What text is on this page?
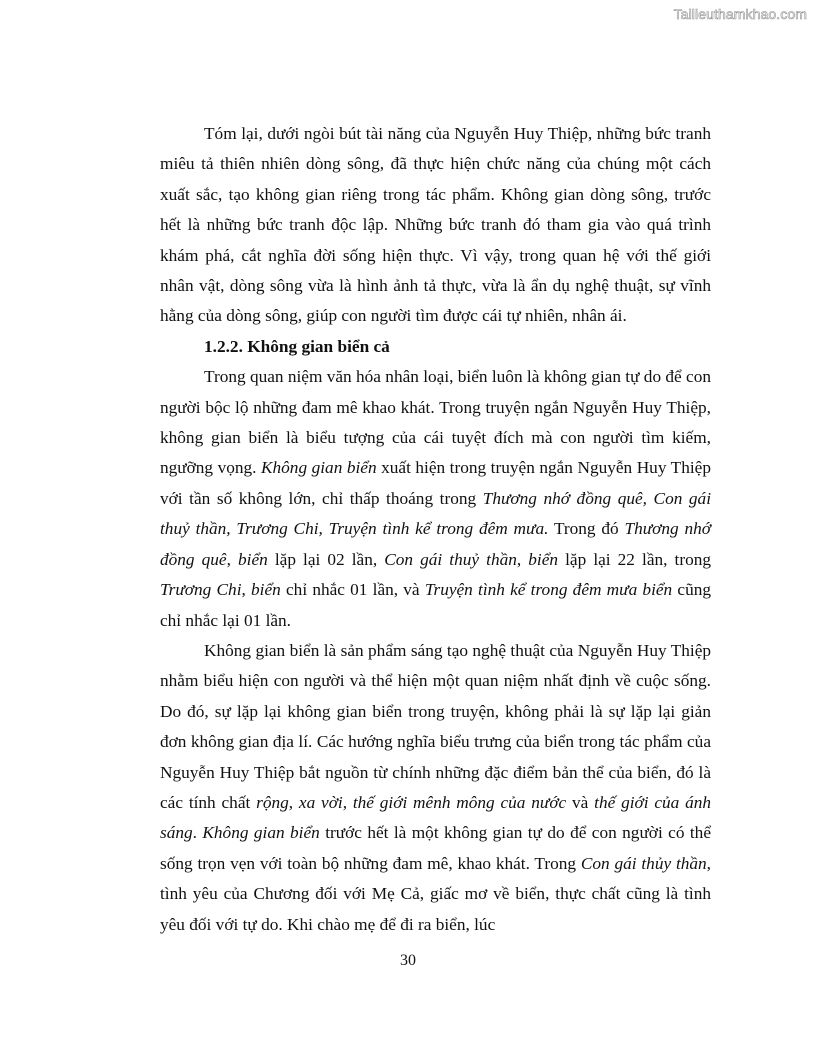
Tailieuthamkhao.com

Tóm lại, dưới ngòi bút tài năng của Nguyễn Huy Thiệp, những bức tranh miêu tả thiên nhiên dòng sông, đã thực hiện chức năng của chúng một cách xuất sắc, tạo không gian riêng trong tác phẩm. Không gian dòng sông, trước hết là những bức tranh độc lập. Những bức tranh đó tham gia vào quá trình khám phá, cắt nghĩa đời sống hiện thực. Vì vậy, trong quan hệ với thế giới nhân vật, dòng sông vừa là hình ảnh tả thực, vừa là ẩn dụ nghệ thuật, sự vĩnh hằng của dòng sông, giúp con người tìm được cái tự nhiên, nhân ái.

1.2.2. Không gian biển cả

Trong quan niệm văn hóa nhân loại, biển luôn là không gian tự do để con người bộc lộ những đam mê khao khát. Trong truyện ngắn Nguyễn Huy Thiệp, không gian biển là biểu tượng của cái tuyệt đích mà con người tìm kiếm, ngưỡng vọng. Không gian biển xuất hiện trong truyện ngắn Nguyễn Huy Thiệp với tần số không lớn, chỉ thấp thoáng trong Thương nhớ đồng quê, Con gái thuỷ thần, Trương Chi, Truyện tình kể trong đêm mưa. Trong đó Thương nhớ đồng quê, biển lặp lại 02 lần, Con gái thuỷ thần, biển lặp lại 22 lần, trong Trương Chi, biển chỉ nhắc 01 lần, và Truyện tình kể trong đêm mưa biển cũng chỉ nhắc lại 01 lần.

Không gian biển là sản phẩm sáng tạo nghệ thuật của Nguyễn Huy Thiệp nhằm biểu hiện con người và thể hiện một quan niệm nhất định về cuộc sống. Do đó, sự lặp lại không gian biển trong truyện, không phải là sự lặp lại giản đơn không gian địa lí. Các hướng nghĩa biểu trưng của biển trong tác phẩm của Nguyễn Huy Thiệp bắt nguồn từ chính những đặc điểm bản thể của biển, đó là các tính chất rộng, xa vời, thế giới mênh mông của nước và thế giới của ánh sáng. Không gian biển trước hết là một không gian tự do để con người có thể sống trọn vẹn với toàn bộ những đam mê, khao khát. Trong Con gái thủy thần, tình yêu của Chương đối với Mẹ Cả, giấc mơ về biển, thực chất cũng là tình yêu đối với tự do. Khi chào mẹ để đi ra biển, lúc

30
